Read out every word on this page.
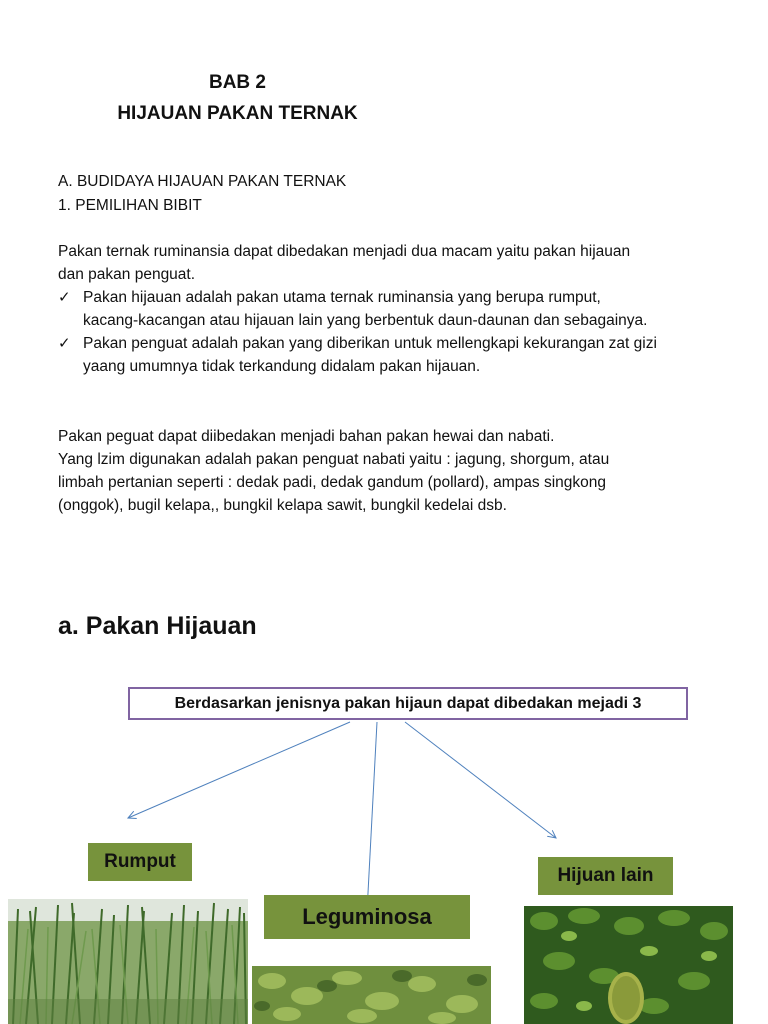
BAB 2
HIJAUAN PAKAN TERNAK
A. BUDIDAYA HIJAUAN PAKAN TERNAK
1. PEMILIHAN BIBIT
Pakan ternak ruminansia dapat dibedakan menjadi dua macam yaitu pakan hijauan
dan pakan penguat.
✓ Pakan hijauan adalah pakan utama ternak ruminansia yang berupa rumput,
kacang-kacangan atau hijauan lain yang berbentuk daun-daunan dan sebagainya.
✓ Pakan penguat adalah pakan yang diberikan untuk mellengkapi kekurangan zat gizi
yaang umumnya tidak terkandung didalam pakan hijauan.
Pakan peguat dapat diibedakan menjadi bahan pakan hewai dan nabati.
Yang lzim digunakan adalah pakan penguat nabati yaitu : jagung, shorgum, atau
limbah pertanian seperti : dedak padi, dedak gandum (pollard), ampas singkong
(onggok), bugil kelapa,, bungkil kelapa sawit, bungkil kedelai dsb.
a. Pakan Hijauan
Berdasarkan jenisnya pakan hijaun dapat dibedakan mejadi 3
Rumput
Leguminosa
Hijuan lain
